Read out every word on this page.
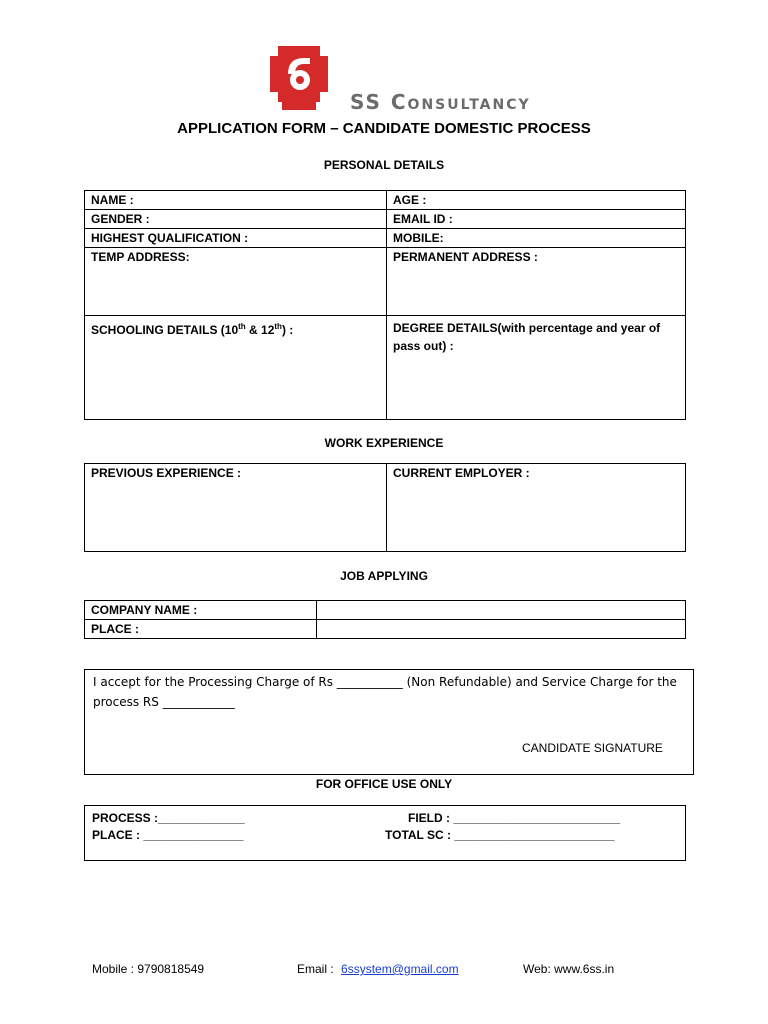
SS Consultancy
APPLICATION FORM – CANDIDATE DOMESTIC PROCESS
PERSONAL DETAILS
NAME :	AGE :
GENDER :	EMAIL ID :
HIGHEST QUALIFICATION :	MOBILE:
TEMP ADDRESS:	PERMANENT ADDRESS :
SCHOOLING DETAILS (10th & 12th) :	DEGREE DETAILS(with percentage and year of pass out) :
WORK EXPERIENCE
PREVIOUS EXPERIENCE :	CURRENT EMPLOYER :
JOB APPLYING
COMPANY NAME :	
PLACE :	
I accept for the Processing Charge of Rs ___________ (Non Refundable) and Service Charge for the
process RS ____________
CANDIDATE SIGNATURE
FOR OFFICE USE ONLY
PROCESS :_____________	FIELD : _________________________
PLACE : _______________	TOTAL SC : ________________________
Mobile : 9790818549	Email : 6ssystem@gmail.com	Web: www.6ss.in
